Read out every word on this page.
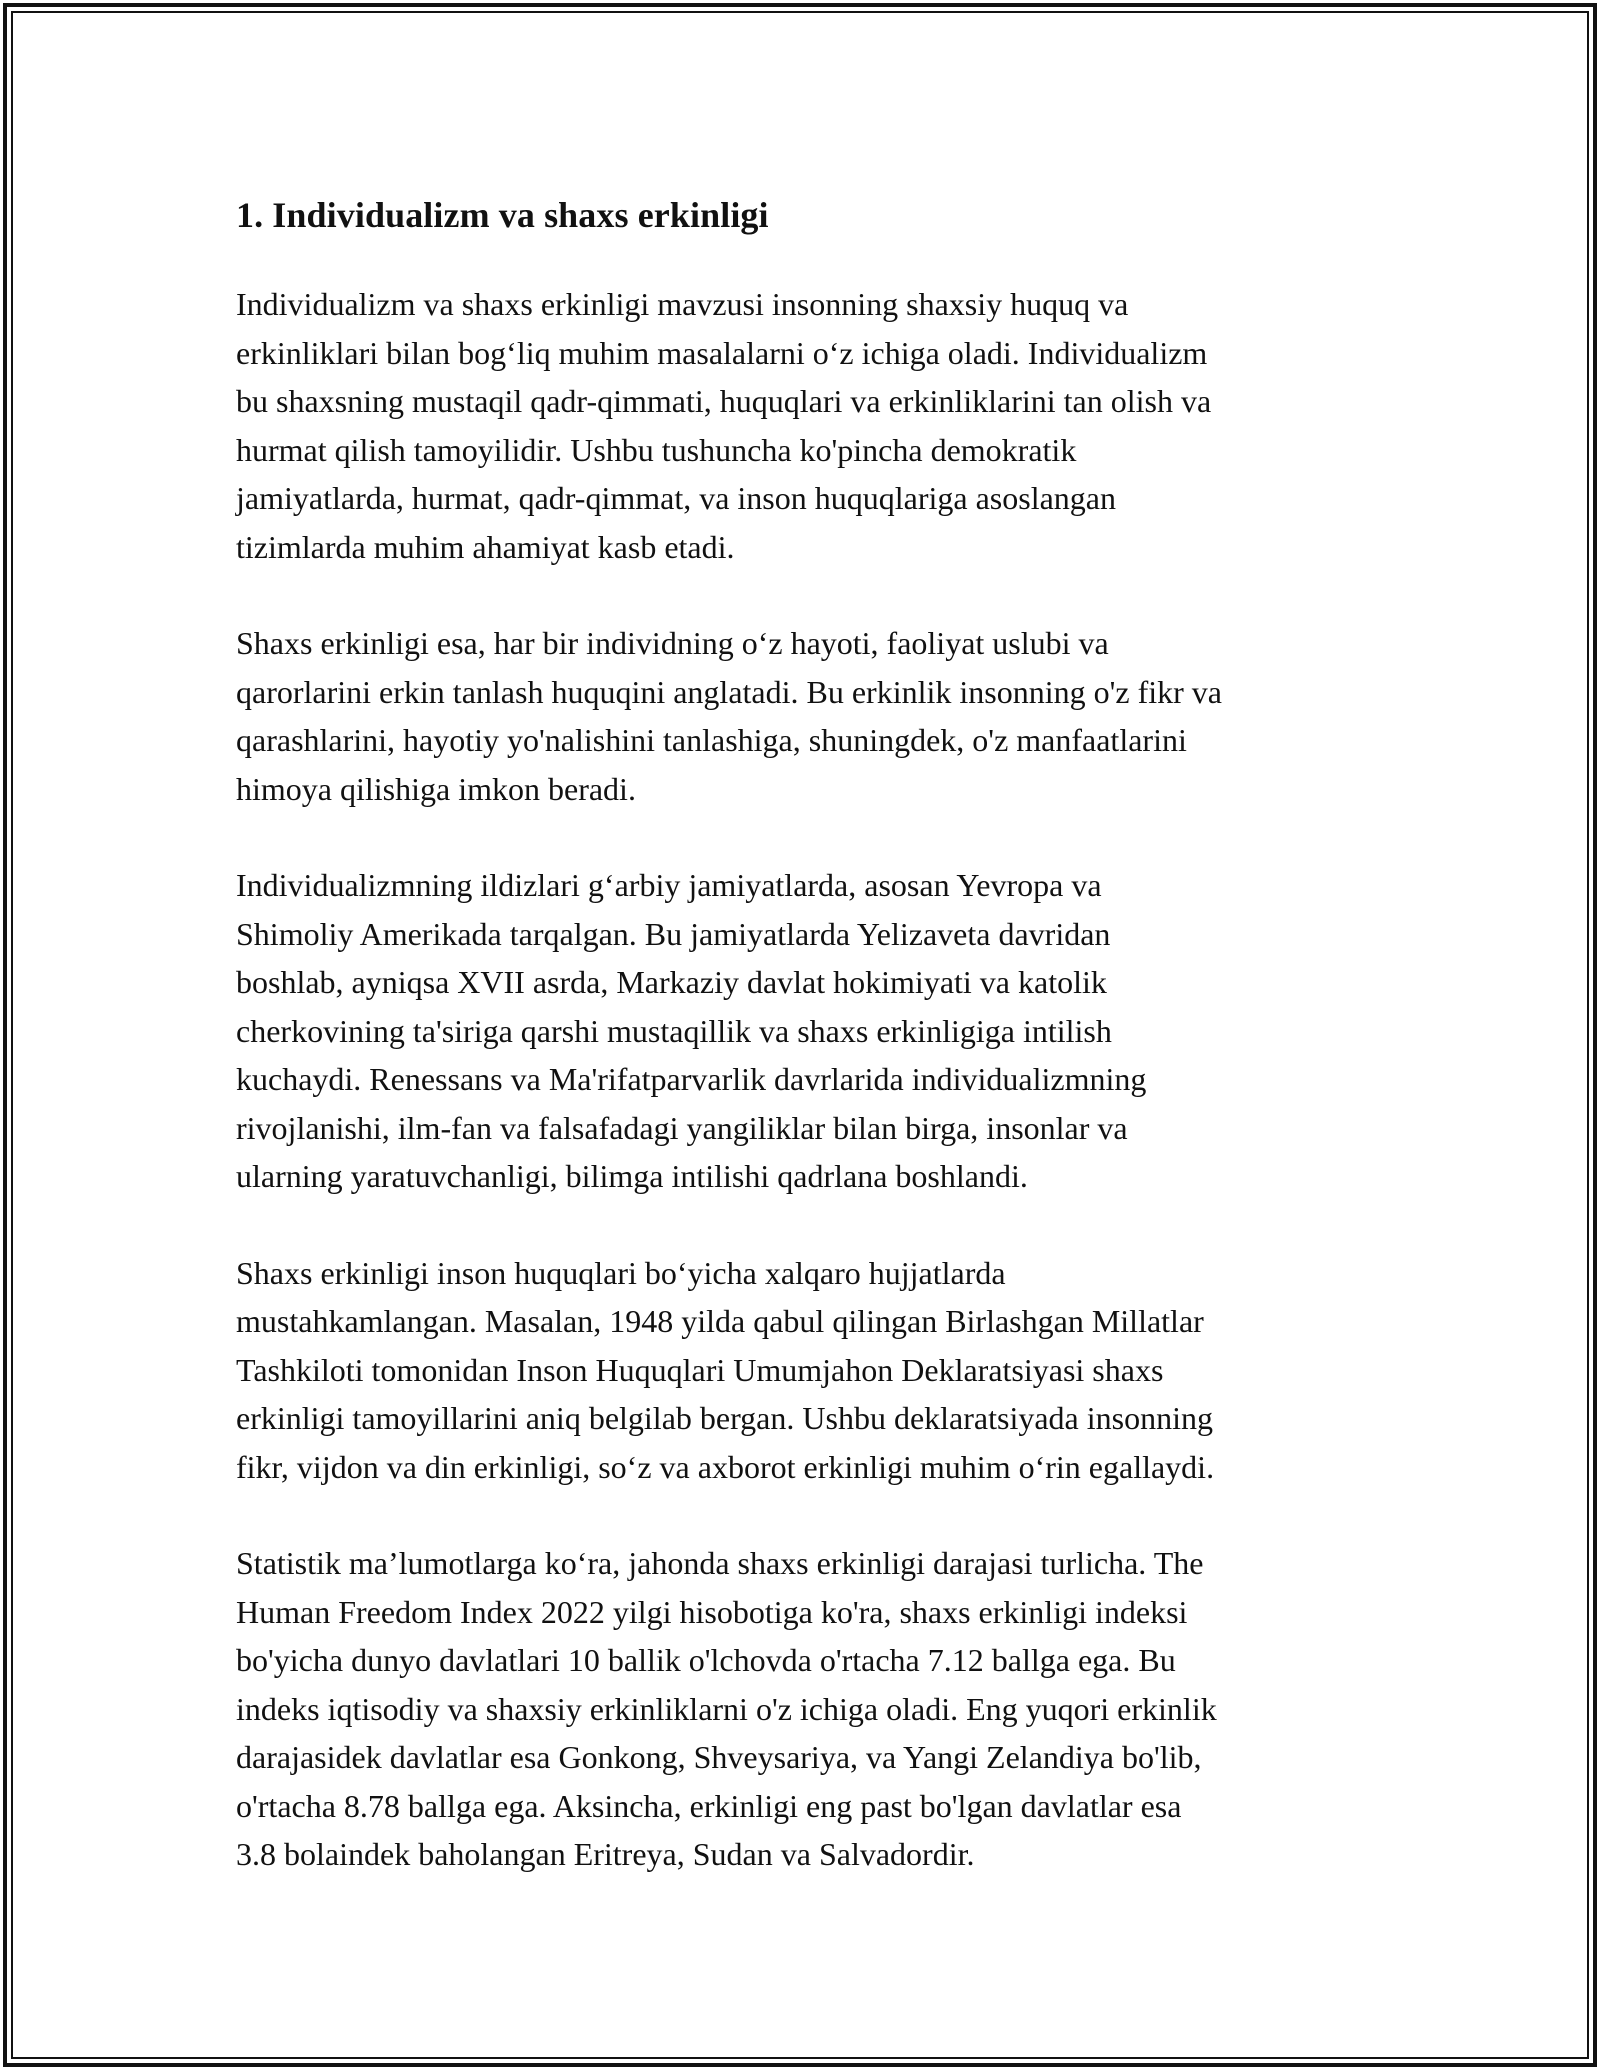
1. Individualizm va shaxs erkinligi

Individualizm va shaxs erkinligi mavzusi insonning shaxsiy huquq va
erkinliklari bilan bog‘liq muhim masalalarni o‘z ichiga oladi. Individualizm
bu shaxsning mustaqil qadr-qimmati, huquqlari va erkinliklarini tan olish va
hurmat qilish tamoyilidir. Ushbu tushuncha ko'pincha demokratik
jamiyatlarda, hurmat, qadr-qimmat, va inson huquqlariga asoslangan
tizimlarda muhim ahamiyat kasb etadi.

Shaxs erkinligi esa, har bir individning o‘z hayoti, faoliyat uslubi va
qarorlarini erkin tanlash huquqini anglatadi. Bu erkinlik insonning o'z fikr va
qarashlarini, hayotiy yo'nalishini tanlashiga, shuningdek, o'z manfaatlarini
himoya qilishiga imkon beradi.

Individualizmning ildizlari g‘arbiy jamiyatlarda, asosan Yevropa va
Shimoliy Amerikada tarqalgan. Bu jamiyatlarda Yelizaveta davridan
boshlab, ayniqsa XVII asrda, Markaziy davlat hokimiyati va katolik
cherkovining ta'siriga qarshi mustaqillik va shaxs erkinligiga intilish
kuchaydi. Renessans va Ma'rifatparvarlik davrlarida individualizmning
rivojlanishi, ilm-fan va falsafadagi yangiliklar bilan birga, insonlar va
ularning yaratuvchanligi, bilimga intilishi qadrlana boshlandi.

Shaxs erkinligi inson huquqlari bo‘yicha xalqaro hujjatlarda
mustahkamlangan. Masalan, 1948 yilda qabul qilingan Birlashgan Millatlar
Tashkiloti tomonidan Inson Huquqlari Umumjahon Deklaratsiyasi shaxs
erkinligi tamoyillarini aniq belgilab bergan. Ushbu deklaratsiyada insonning
fikr, vijdon va din erkinligi, so‘z va axborot erkinligi muhim o‘rin egallaydi.

Statistik ma’lumotlarga ko‘ra, jahonda shaxs erkinligi darajasi turlicha. The
Human Freedom Index 2022 yilgi hisobotiga ko'ra, shaxs erkinligi indeksi
bo'yicha dunyo davlatlari 10 ballik o'lchovda o'rtacha 7.12 ballga ega. Bu
indeks iqtisodiy va shaxsiy erkinliklarni o'z ichiga oladi. Eng yuqori erkinlik
darajasidek davlatlar esa Gonkong, Shveysariya, va Yangi Zelandiya bo'lib,
o'rtacha 8.78 ballga ega. Aksincha, erkinligi eng past bo'lgan davlatlar esa
3.8 bolaindek baholangan Eritreya, Sudan va Salvadordir.
